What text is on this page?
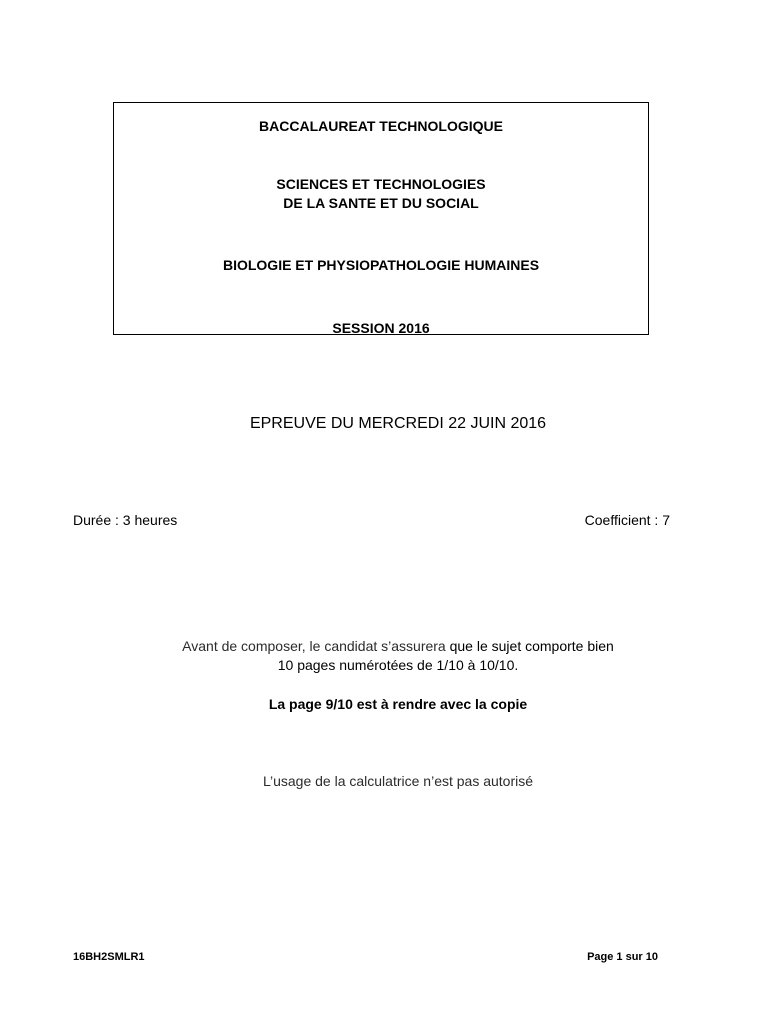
BACCALAUREAT TECHNOLOGIQUE

SCIENCES ET TECHNOLOGIES

DE LA SANTE ET DU SOCIAL

BIOLOGIE ET PHYSIOPATHOLOGIE HUMAINES

SESSION 2016

EPREUVE DU MERCREDI 22 JUIN 2016

Durée : 3 heures	Coefficient : 7

Avant de composer, le candidat s’assurera que le sujet comporte bien

10 pages numérotées de 1/10 à 10/10.

La page 9/10 est à rendre avec la copie

L’usage de la calculatrice n’est pas autorisé

16BH2SMLR1	Page 1 sur 10
